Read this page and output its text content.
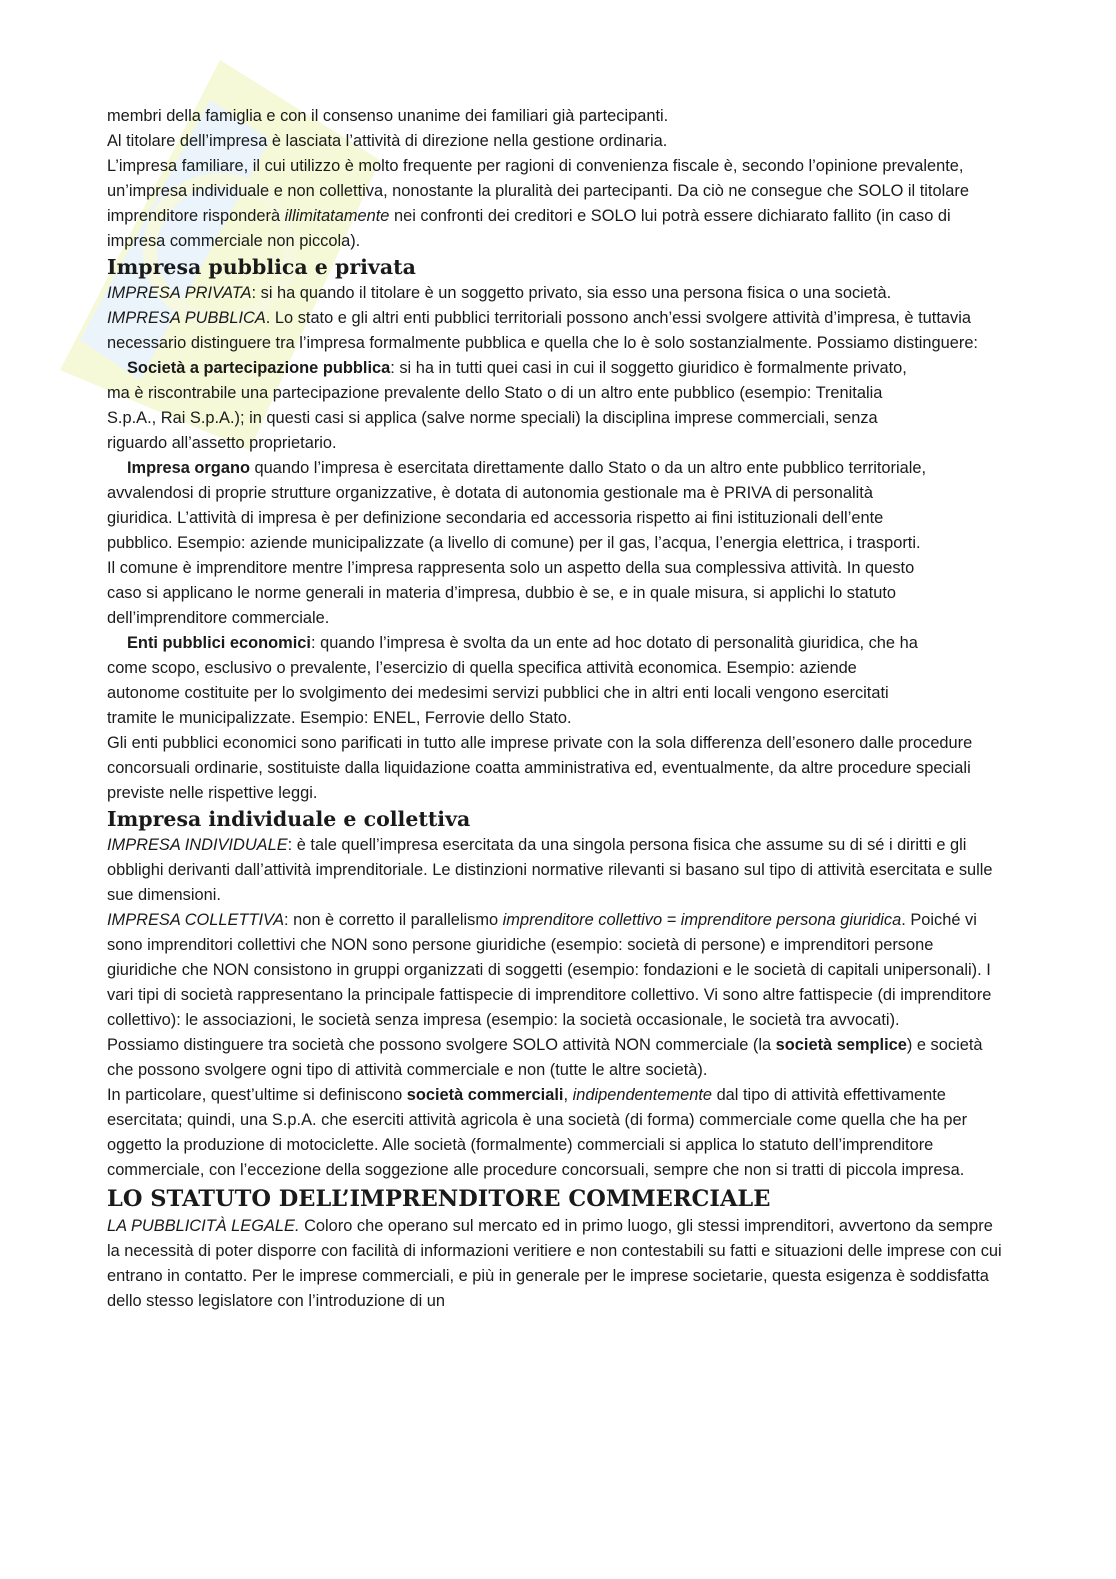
membri della famiglia e con il consenso unanime dei familiari già partecipanti.

Al titolare dell’impresa è lasciata l’attività di direzione nella gestione ordinaria.

L’impresa familiare, il cui utilizzo è molto frequente per ragioni di convenienza fiscale è, secondo l’opinione prevalente, un’impresa individuale e non collettiva, nonostante la pluralità dei partecipanti. Da ciò ne consegue che SOLO il titolare imprenditore risponderà illimitatamente nei confronti dei creditori e SOLO lui potrà essere dichiarato fallito (in caso di impresa commerciale non piccola).

Impresa pubblica e privata

IMPRESA PRIVATA: si ha quando il titolare è un soggetto privato, sia esso una persona fisica o una società.

IMPRESA PUBBLICA. Lo stato e gli altri enti pubblici territoriali possono anch’essi svolgere attività d’impresa, è tuttavia necessario distinguere tra l’impresa formalmente pubblica e quella che lo è solo sostanzialmente. Possiamo distinguere:

Società a partecipazione pubblica: si ha in tutti quei casi in cui il soggetto giuridico è formalmente privato, ma è riscontrabile una partecipazione prevalente dello Stato o di un altro ente pubblico (esempio: Trenitalia S.p.A., Rai S.p.A.); in questi casi si applica (salve norme speciali) la disciplina imprese commerciali, senza riguardo all’assetto proprietario.

Impresa organo quando l’impresa è esercitata direttamente dallo Stato o da un altro ente pubblico territoriale, avvalendosi di proprie strutture organizzative, è dotata di autonomia gestionale ma è PRIVA di personalità giuridica. L’attività di impresa è per definizione secondaria ed accessoria rispetto ai fini istituzionali dell’ente pubblico. Esempio: aziende municipalizzate (a livello di comune) per il gas, l’acqua, l’energia elettrica, i trasporti. Il comune è imprenditore mentre l’impresa rappresenta solo un aspetto della sua complessiva attività. In questo caso si applicano le norme generali in materia d’impresa, dubbio è se, e in quale misura, si applichi lo statuto dell’imprenditore commerciale.

Enti pubblici economici: quando l’impresa è svolta da un ente ad hoc dotato di personalità giuridica, che ha come scopo, esclusivo o prevalente, l’esercizio di quella specifica attività economica. Esempio: aziende autonome costituite per lo svolgimento dei medesimi servizi pubblici che in altri enti locali vengono esercitati tramite le municipalizzate. Esempio: ENEL, Ferrovie dello Stato.

Gli enti pubblici economici sono parificati in tutto alle imprese private con la sola differenza dell’esonero dalle procedure concorsuali ordinarie, sostituiste dalla liquidazione coatta amministrativa ed, eventualmente, da altre procedure speciali previste nelle rispettive leggi.

Impresa individuale e collettiva

IMPRESA INDIVIDUALE: è tale quell’impresa esercitata da una singola persona fisica che assume su di sé i diritti e gli obblighi derivanti dall’attività imprenditoriale. Le distinzioni normative rilevanti si basano sul tipo di attività esercitata e sulle sue dimensioni.

IMPRESA COLLETTIVA: non è corretto il parallelismo imprenditore collettivo = imprenditore persona giuridica. Poiché vi sono imprenditori collettivi che NON sono persone giuridiche (esempio: società di persone) e imprenditori persone giuridiche che NON consistono in gruppi organizzati di soggetti (esempio: fondazioni e le società di capitali unipersonali). I vari tipi di società rappresentano la principale fattispecie di imprenditore collettivo. Vi sono altre fattispecie (di imprenditore collettivo): le associazioni, le società senza impresa (esempio: la società occasionale, le società tra avvocati).

Possiamo distinguere tra società che possono svolgere SOLO attività NON commerciale (la società semplice) e società che possono svolgere ogni tipo di attività commerciale e non (tutte le altre società).

In particolare, quest’ultime si definiscono società commerciali, indipendentemente dal tipo di attività effettivamente esercitata; quindi, una S.p.A. che eserciti attività agricola è una società (di forma) commerciale come quella che ha per oggetto la produzione di motociclette. Alle società (formalmente) commerciali si applica lo statuto dell’imprenditore commerciale, con l’eccezione della soggezione alle procedure concorsuali, sempre che non si tratti di piccola impresa.

LO STATUTO DELL’IMPRENDITORE COMMERCIALE

LA PUBBLICITÀ LEGALE. Coloro che operano sul mercato ed in primo luogo, gli stessi imprenditori, avvertono da sempre la necessità di poter disporre con facilità di informazioni veritiere e non contestabili su fatti e situazioni delle imprese con cui entrano in contatto. Per le imprese commerciali, e più in generale per le imprese societarie, questa esigenza è soddisfatta dello stesso legislatore con l’introduzione di un
